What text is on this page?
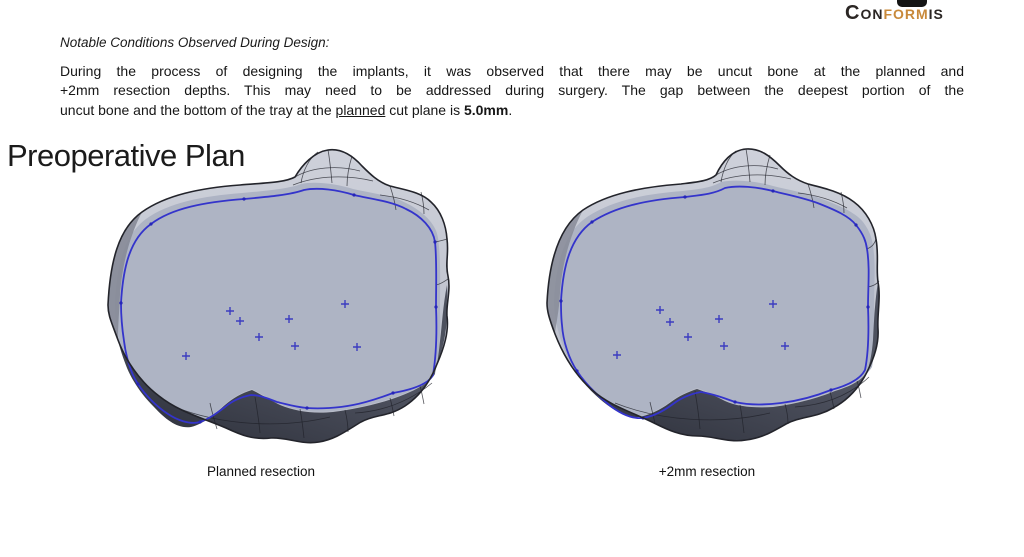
Conformis
Notable Conditions Observed During Design:
During the process of designing the implants, it was observed that there may be uncut bone at the planned and
+2mm resection depths. This may need to be addressed during surgery. The gap between the deepest portion of the
uncut bone and the bottom of the tray at the planned cut plane is 5.0mm.
Preoperative Plan
Planned resection	+2mm resection
